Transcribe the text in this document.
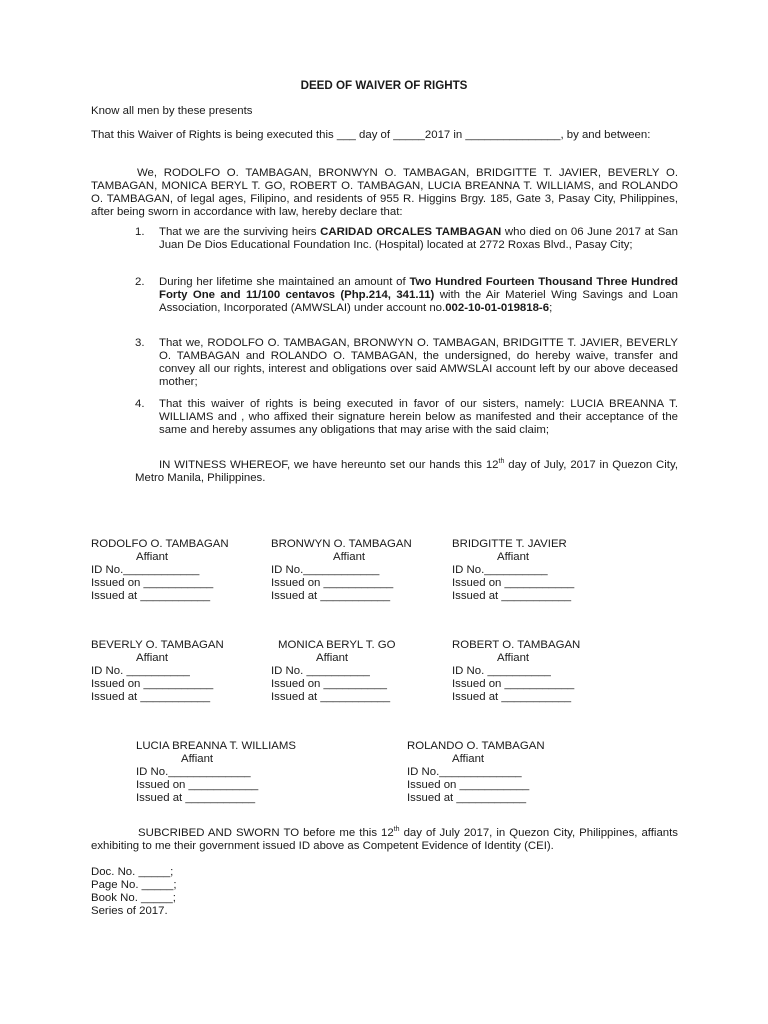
DEED OF WAIVER OF RIGHTS
Know all men by these presents
That this Waiver of Rights is being executed this ___ day of _____2017 in _______________, by and between:
We, RODOLFO O. TAMBAGAN, BRONWYN O. TAMBAGAN, BRIDGITTE T. JAVIER, BEVERLY O. TAMBAGAN, MONICA BERYL T. GO, ROBERT O. TAMBAGAN, LUCIA BREANNA T. WILLIAMS, and ROLANDO O. TAMBAGAN, of legal ages, Filipino, and residents of 955 R. Higgins Brgy. 185, Gate 3, Pasay City, Philippines, after being sworn in accordance with law, hereby declare that:
1. That we are the surviving heirs CARIDAD ORCALES TAMBAGAN who died on 06 June 2017 at San Juan De Dios Educational Foundation Inc. (Hospital) located at 2772 Roxas Blvd., Pasay City;
2. During her lifetime she maintained an amount of Two Hundred Fourteen Thousand Three Hundred Forty One and 11/100 centavos (Php.214, 341.11) with the Air Materiel Wing Savings and Loan Association, Incorporated (AMWSLAI) under account no.002-10-01-019818-6;
3. That we, RODOLFO O. TAMBAGAN, BRONWYN O. TAMBAGAN, BRIDGITTE T. JAVIER, BEVERLY O. TAMBAGAN and ROLANDO O. TAMBAGAN, the undersigned, do hereby waive, transfer and convey all our rights, interest and obligations over said AMWSLAI account left by our above deceased mother;
4. That this waiver of rights is being executed in favor of our sisters, namely: LUCIA BREANNA T. WILLIAMS and , who affixed their signature herein below as manifested and their acceptance of the same and hereby assumes any obligations that may arise with the said claim;
IN WITNESS WHEREOF, we have hereunto set our hands this 12th day of July, 2017 in Quezon City, Metro Manila, Philippines.
RODOLFO O. TAMBAGAN
Affiant
ID No.____________
Issued on ___________
Issued at ___________
BRONWYN O. TAMBAGAN
Affiant
ID No.____________
Issued on ___________
Issued at ___________
BRIDGITTE T. JAVIER
Affiant
ID No.__________
Issued on ___________
Issued at ___________
BEVERLY O. TAMBAGAN
Affiant
ID No. __________
Issued on ___________
Issued at ___________
MONICA BERYL T. GO
Affiant
ID No. __________
Issued on __________
Issued at ___________
ROBERT O. TAMBAGAN
Affiant
ID No. __________
Issued on ___________
Issued at ___________
LUCIA BREANNA T. WILLIAMS
Affiant
ID No._____________
Issued on ___________
Issued at ___________
ROLANDO O. TAMBAGAN
Affiant
ID No._____________
Issued on ___________
Issued at ___________
SUBCRIBED AND SWORN TO before me this 12th day of July 2017, in Quezon City, Philippines, affiants exhibiting to me their government issued ID above as Competent Evidence of Identity (CEI).
Doc. No. _____;
Page No. _____;
Book No. _____;
Series of 2017.
